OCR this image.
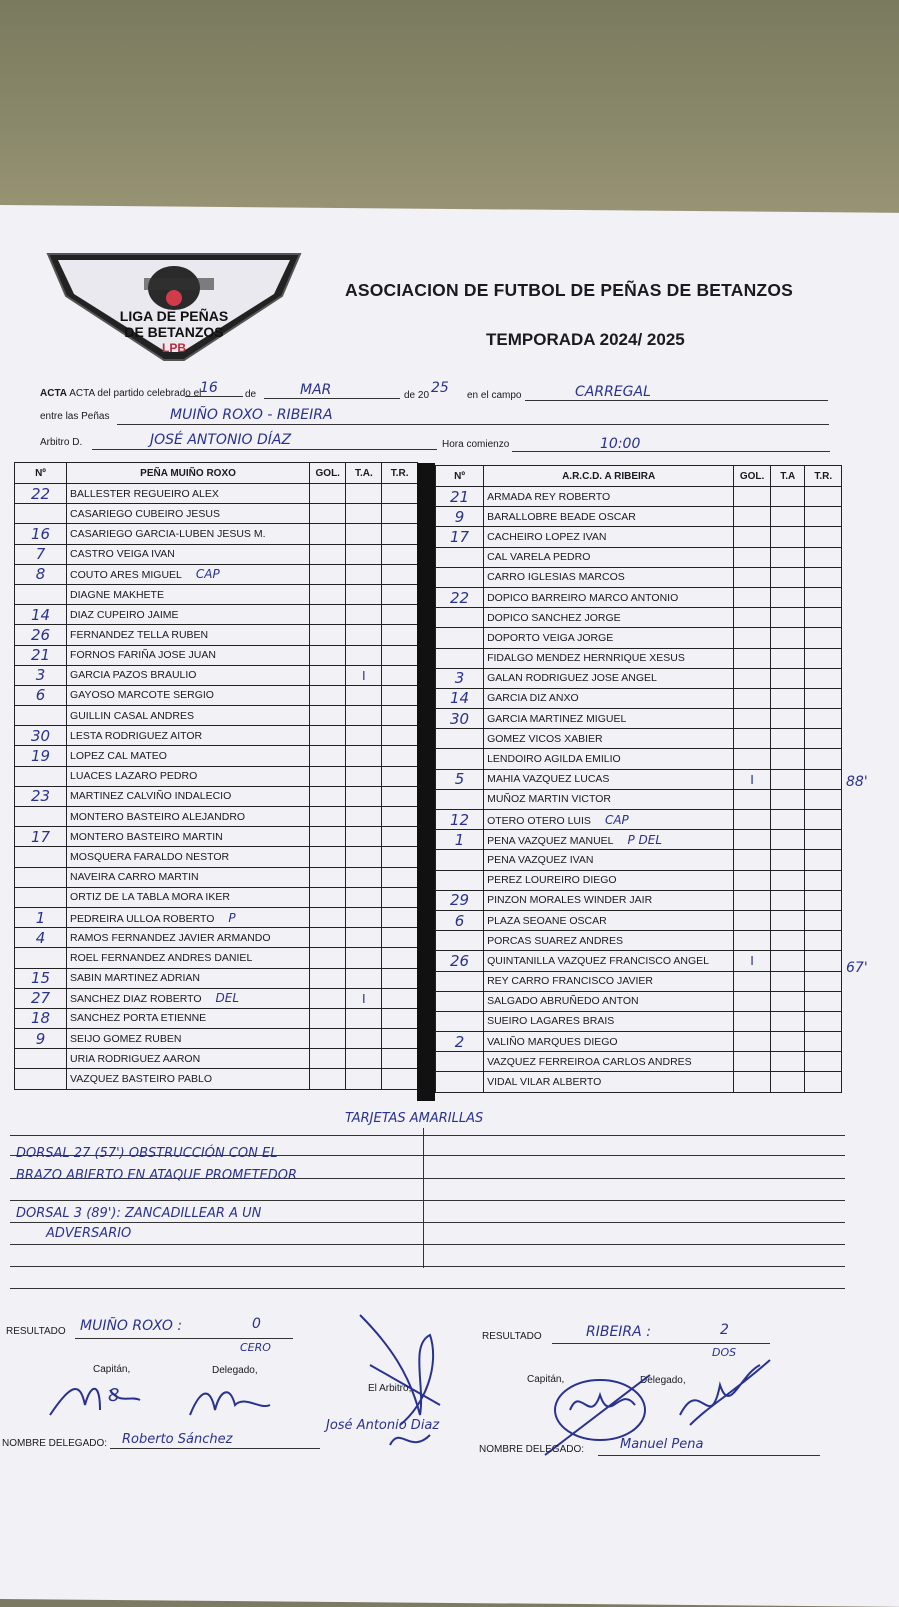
LIGA DE PEÑAS
DE BETANZOS
LPB
ASOCIACION DE FUTBOL DE PEÑAS DE BETANZOS
TEMPORADA 2024/ 2025
ACTA ACTA del partido celebrado el
16	de	MAR	de 20 25 en el campo	CARREGAL
entre las Peñas	MUIÑO ROXO - RIBEIRA
Arbitro D.	JOSÉ ANTONIO DÍAZ	Hora comienzo	10:00
Nº	PEÑA MUIÑO ROXO	GOL.	T.A.	T.R.
22	BALLESTER REGUEIRO ALEX			
	CASARIEGO CUBEIRO JESUS			
16	CASARIEGO GARCIA-LUBEN JESUS M.			
7	CASTRO VEIGA IVAN			
8	COUTO ARES MIGUEL CAP			
	DIAGNE MAKHETE			
14	DIAZ CUPEIRO JAIME			
26	FERNANDEZ TELLA RUBEN			
21	FORNOS FARIÑA JOSE JUAN			
3	GARCIA PAZOS BRAULIO		I	
6	GAYOSO MARCOTE SERGIO			
	GUILLIN CASAL ANDRES			
30	LESTA RODRIGUEZ AITOR			
19	LOPEZ CAL MATEO			
	LUACES LAZARO PEDRO			
23	MARTINEZ CALVIÑO INDALECIO			
	MONTERO BASTEIRO ALEJANDRO			
17	MONTERO BASTEIRO MARTIN			
	MOSQUERA FARALDO NESTOR			
	NAVEIRA CARRO MARTIN			
	ORTIZ DE LA TABLA MORA IKER			
1	PEDREIRA ULLOA ROBERTO P			
4	RAMOS FERNANDEZ JAVIER ARMANDO			
	ROEL FERNANDEZ ANDRES DANIEL			
15	SABIN MARTINEZ ADRIAN			
27	SANCHEZ DIAZ ROBERTO DEL		I	
18	SANCHEZ PORTA ETIENNE			
9	SEIJO GOMEZ RUBEN			
	URIA RODRIGUEZ AARON			
	VAZQUEZ BASTEIRO PABLO			
Nº	A.R.C.D. A RIBEIRA	GOL.	T.A	T.R.
21	ARMADA REY ROBERTO			
9	BARALLOBRE BEADE OSCAR			
17	CACHEIRO LOPEZ IVAN			
	CAL VARELA PEDRO			
	CARRO IGLESIAS MARCOS			
22	DOPICO BARREIRO MARCO ANTONIO			
	DOPICO SANCHEZ JORGE			
	DOPORTO VEIGA JORGE			
	FIDALGO MENDEZ HERNRIQUE XESUS			
3	GALAN RODRIGUEZ JOSE ANGEL			
14	GARCIA DIZ ANXO			
30	GARCIA MARTINEZ MIGUEL			
	GOMEZ VICOS XABIER			
	LENDOIRO AGILDA EMILIO			
5	MAHIA VAZQUEZ LUCAS	I		
	MUÑOZ MARTIN VICTOR			
12	OTERO OTERO LUIS CAP			
1	PENA VAZQUEZ MANUEL P DEL			
	PENA VAZQUEZ IVAN			
	PEREZ LOUREIRO DIEGO			
29	PINZON MORALES WINDER JAIR			
6	PLAZA SEOANE OSCAR			
	PORCAS SUAREZ ANDRES			
26	QUINTANILLA VAZQUEZ FRANCISCO ANGEL	I		
	REY CARRO FRANCISCO JAVIER			
	SALGADO ABRUÑEDO ANTON			
	SUEIRO LAGARES BRAIS			
2	VALIÑO MARQUES DIEGO			
	VAZQUEZ FERREIROA CARLOS ANDRES			
	VIDAL VILAR ALBERTO			
88'
67'
TARJETAS AMARILLAS
DORSAL 27 (57') OBSTRUCCIÓN CON EL
BRAZO ABIERTO EN ATAQUE PROMETEDOR
DORSAL 3 (89'): ZANCADILLEAR A UN
ADVERSARIO
RESULTADO MUIÑO ROXO :	0
CERO
Capitán,	Delegado,
8
NOMBRE DELEGADO: Roberto Sánchez
El Arbitro,
José Antonio Diaz
RESULTADO	RIBEIRA :	2
DOS
Capitán,	Delegado,
NOMBRE DELEGADO:	Manuel Pena
